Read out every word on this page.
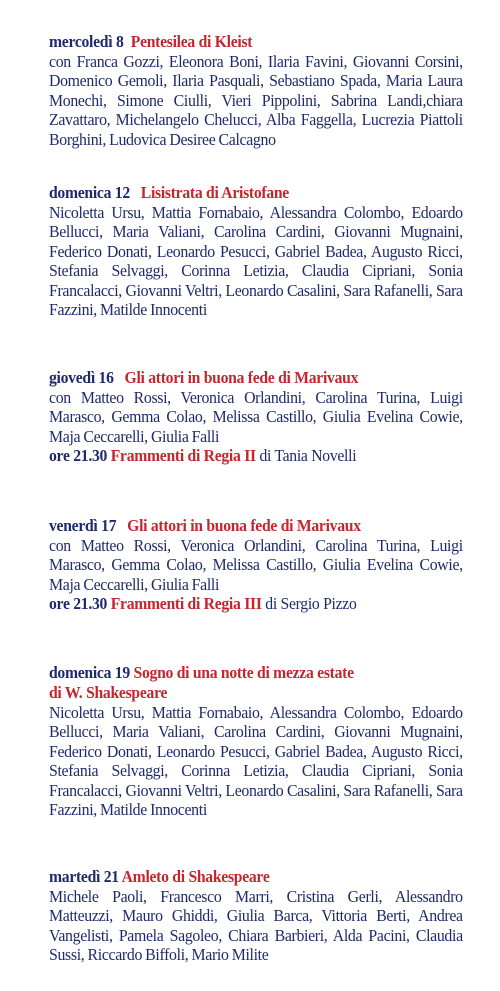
mercoledì 8 Pentesilea di Kleist
con Franca Gozzi, Eleonora Boni, Ilaria Favini, Giovanni Corsini, Domenico Gemoli, Ilaria Pasquali, Sebastiano Spada, Maria Laura Monechi, Simone Ciulli, Vieri Pippolini, Sabrina Landi,chiara Zavattaro, Michelangelo Chelucci, Alba Faggella, Lucrezia Piattoli Borghini, Ludovica Desiree Calcagno
domenica 12 Lisistrata di Aristofane
Nicoletta Ursu, Mattia Fornabaio, Alessandra Colombo, Edoardo Bellucci, Maria Valiani, Carolina Cardini, Giovanni Mugnaini, Federico Donati, Leonardo Pesucci, Gabriel Badea, Augusto Ricci, Stefania Selvaggi, Corinna Letizia, Claudia Cipriani, Sonia Francalacci, Giovanni Veltri, Leonardo Casalini, Sara Rafanelli, Sara Fazzini, Matilde Innocenti
giovedì 16 Gli attori in buona fede di Marivaux
con Matteo Rossi, Veronica Orlandini, Carolina Turina, Luigi Marasco, Gemma Colao, Melissa Castillo, Giulia Evelina Cowie, Maja Ceccarelli, Giulia Falli
ore 21.30 Frammenti di Regia II di Tania Novelli
venerdì 17 Gli attori in buona fede di Marivaux
con Matteo Rossi, Veronica Orlandini, Carolina Turina, Luigi Marasco, Gemma Colao, Melissa Castillo, Giulia Evelina Cowie, Maja Ceccarelli, Giulia Falli
ore 21.30 Frammenti di Regia III di Sergio Pizzo
domenica 19 Sogno di una notte di mezza estate
di W. Shakespeare
Nicoletta Ursu, Mattia Fornabaio, Alessandra Colombo, Edoardo Bellucci, Maria Valiani, Carolina Cardini, Giovanni Mugnaini, Federico Donati, Leonardo Pesucci, Gabriel Badea, Augusto Ricci, Stefania Selvaggi, Corinna Letizia, Claudia Cipriani, Sonia Francalacci, Giovanni Veltri, Leonardo Casalini, Sara Rafanelli, Sara Fazzini, Matilde Innocenti
martedì 21 Amleto di Shakespeare
Michele Paoli, Francesco Marri, Cristina Gerli, Alessandro Matteuzzi, Mauro Ghiddi, Giulia Barca, Vittoria Berti, Andrea Vangelisti, Pamela Sagoleo, Chiara Barbieri, Alda Pacini, Claudia Sussi, Riccardo Biffoli, Mario Milite
